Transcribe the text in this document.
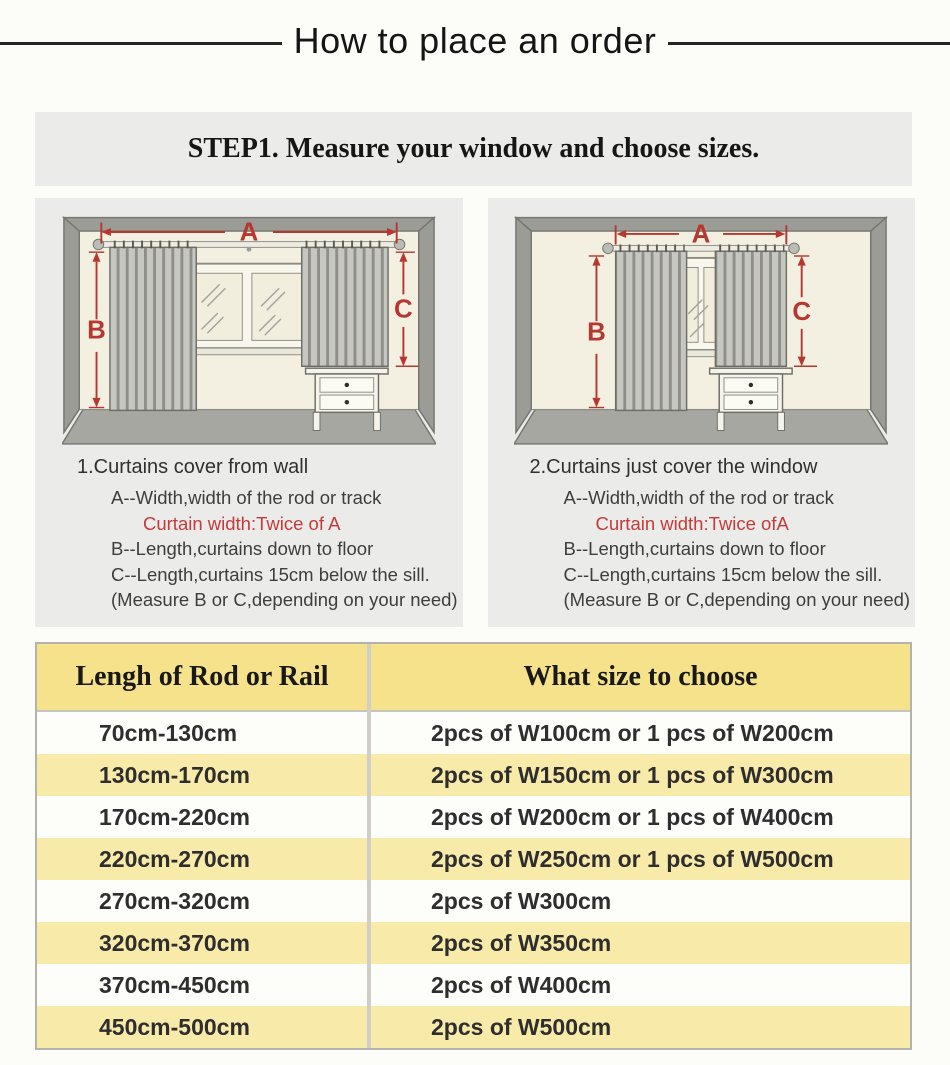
How to place an order
STEP1. Measure your window and choose sizes.
A
B
C
1.Curtains cover from wall
A--Width,width of the rod or track
Curtain width:Twice of A
B--Length,curtains down to floor
C--Length,curtains 15cm below the sill.
(Measure B or C,depending on your need)
A
B
C
2.Curtains just cover the window
A--Width,width of the rod or track
Curtain width:Twice ofA
B--Length,curtains down to floor
C--Length,curtains 15cm below the sill.
(Measure B or C,depending on your need)
Lengh of Rod or Rail	What size to choose
70cm-130cm	2pcs of W100cm or 1 pcs of W200cm
130cm-170cm	2pcs of W150cm or 1 pcs of W300cm
170cm-220cm	2pcs of W200cm or 1 pcs of W400cm
220cm-270cm	2pcs of W250cm or 1 pcs of W500cm
270cm-320cm	2pcs of W300cm
320cm-370cm	2pcs of W350cm
370cm-450cm	2pcs of W400cm
450cm-500cm	2pcs of W500cm
